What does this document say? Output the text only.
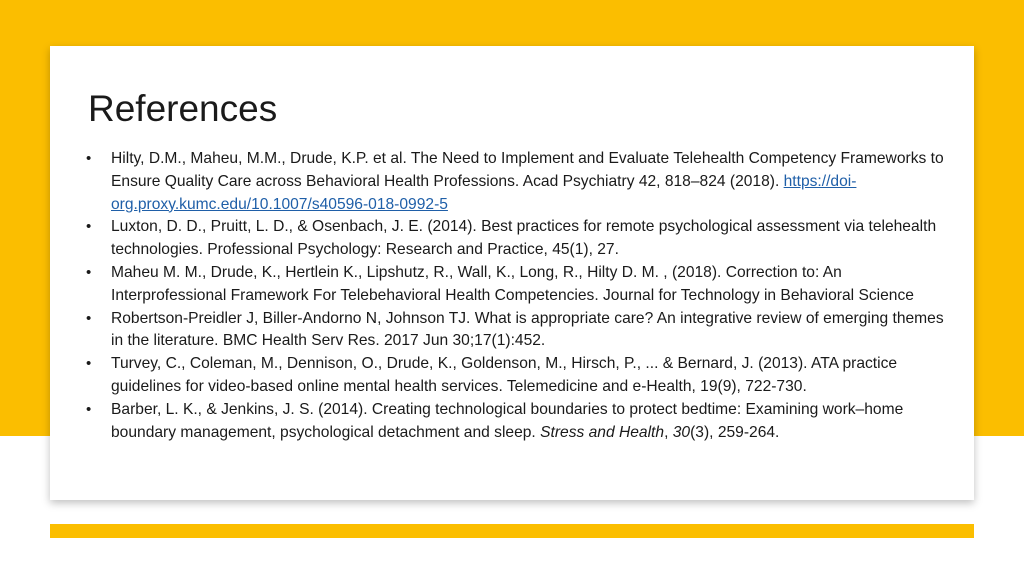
References
• Hilty, D.M., Maheu, M.M., Drude, K.P. et al. The Need to Implement and Evaluate Telehealth Competency Frameworks to Ensure Quality Care across Behavioral Health Professions. Acad Psychiatry 42, 818–824 (2018). https://doi-org.proxy.kumc.edu/10.1007/s40596-018-0992-5
• Luxton, D. D., Pruitt, L. D., & Osenbach, J. E. (2014). Best practices for remote psychological assessment via telehealth technologies. Professional Psychology: Research and Practice, 45(1), 27.
• Maheu M. M., Drude, K., Hertlein K., Lipshutz, R., Wall, K., Long, R., Hilty D. M. , (2018). Correction to: An Interprofessional Framework For Telebehavioral Health Competencies. Journal for Technology in Behavioral Science
• Robertson-Preidler J, Biller-Andorno N, Johnson TJ. What is appropriate care? An integrative review of emerging themes in the literature. BMC Health Serv Res. 2017 Jun 30;17(1):452.
• Turvey, C., Coleman, M., Dennison, O., Drude, K., Goldenson, M., Hirsch, P., ... & Bernard, J. (2013). ATA practice guidelines for video-based online mental health services. Telemedicine and e-Health, 19(9), 722-730.
• Barber, L. K., & Jenkins, J. S. (2014). Creating technological boundaries to protect bedtime: Examining work–home boundary management, psychological detachment and sleep. Stress and Health, 30(3), 259-264.
